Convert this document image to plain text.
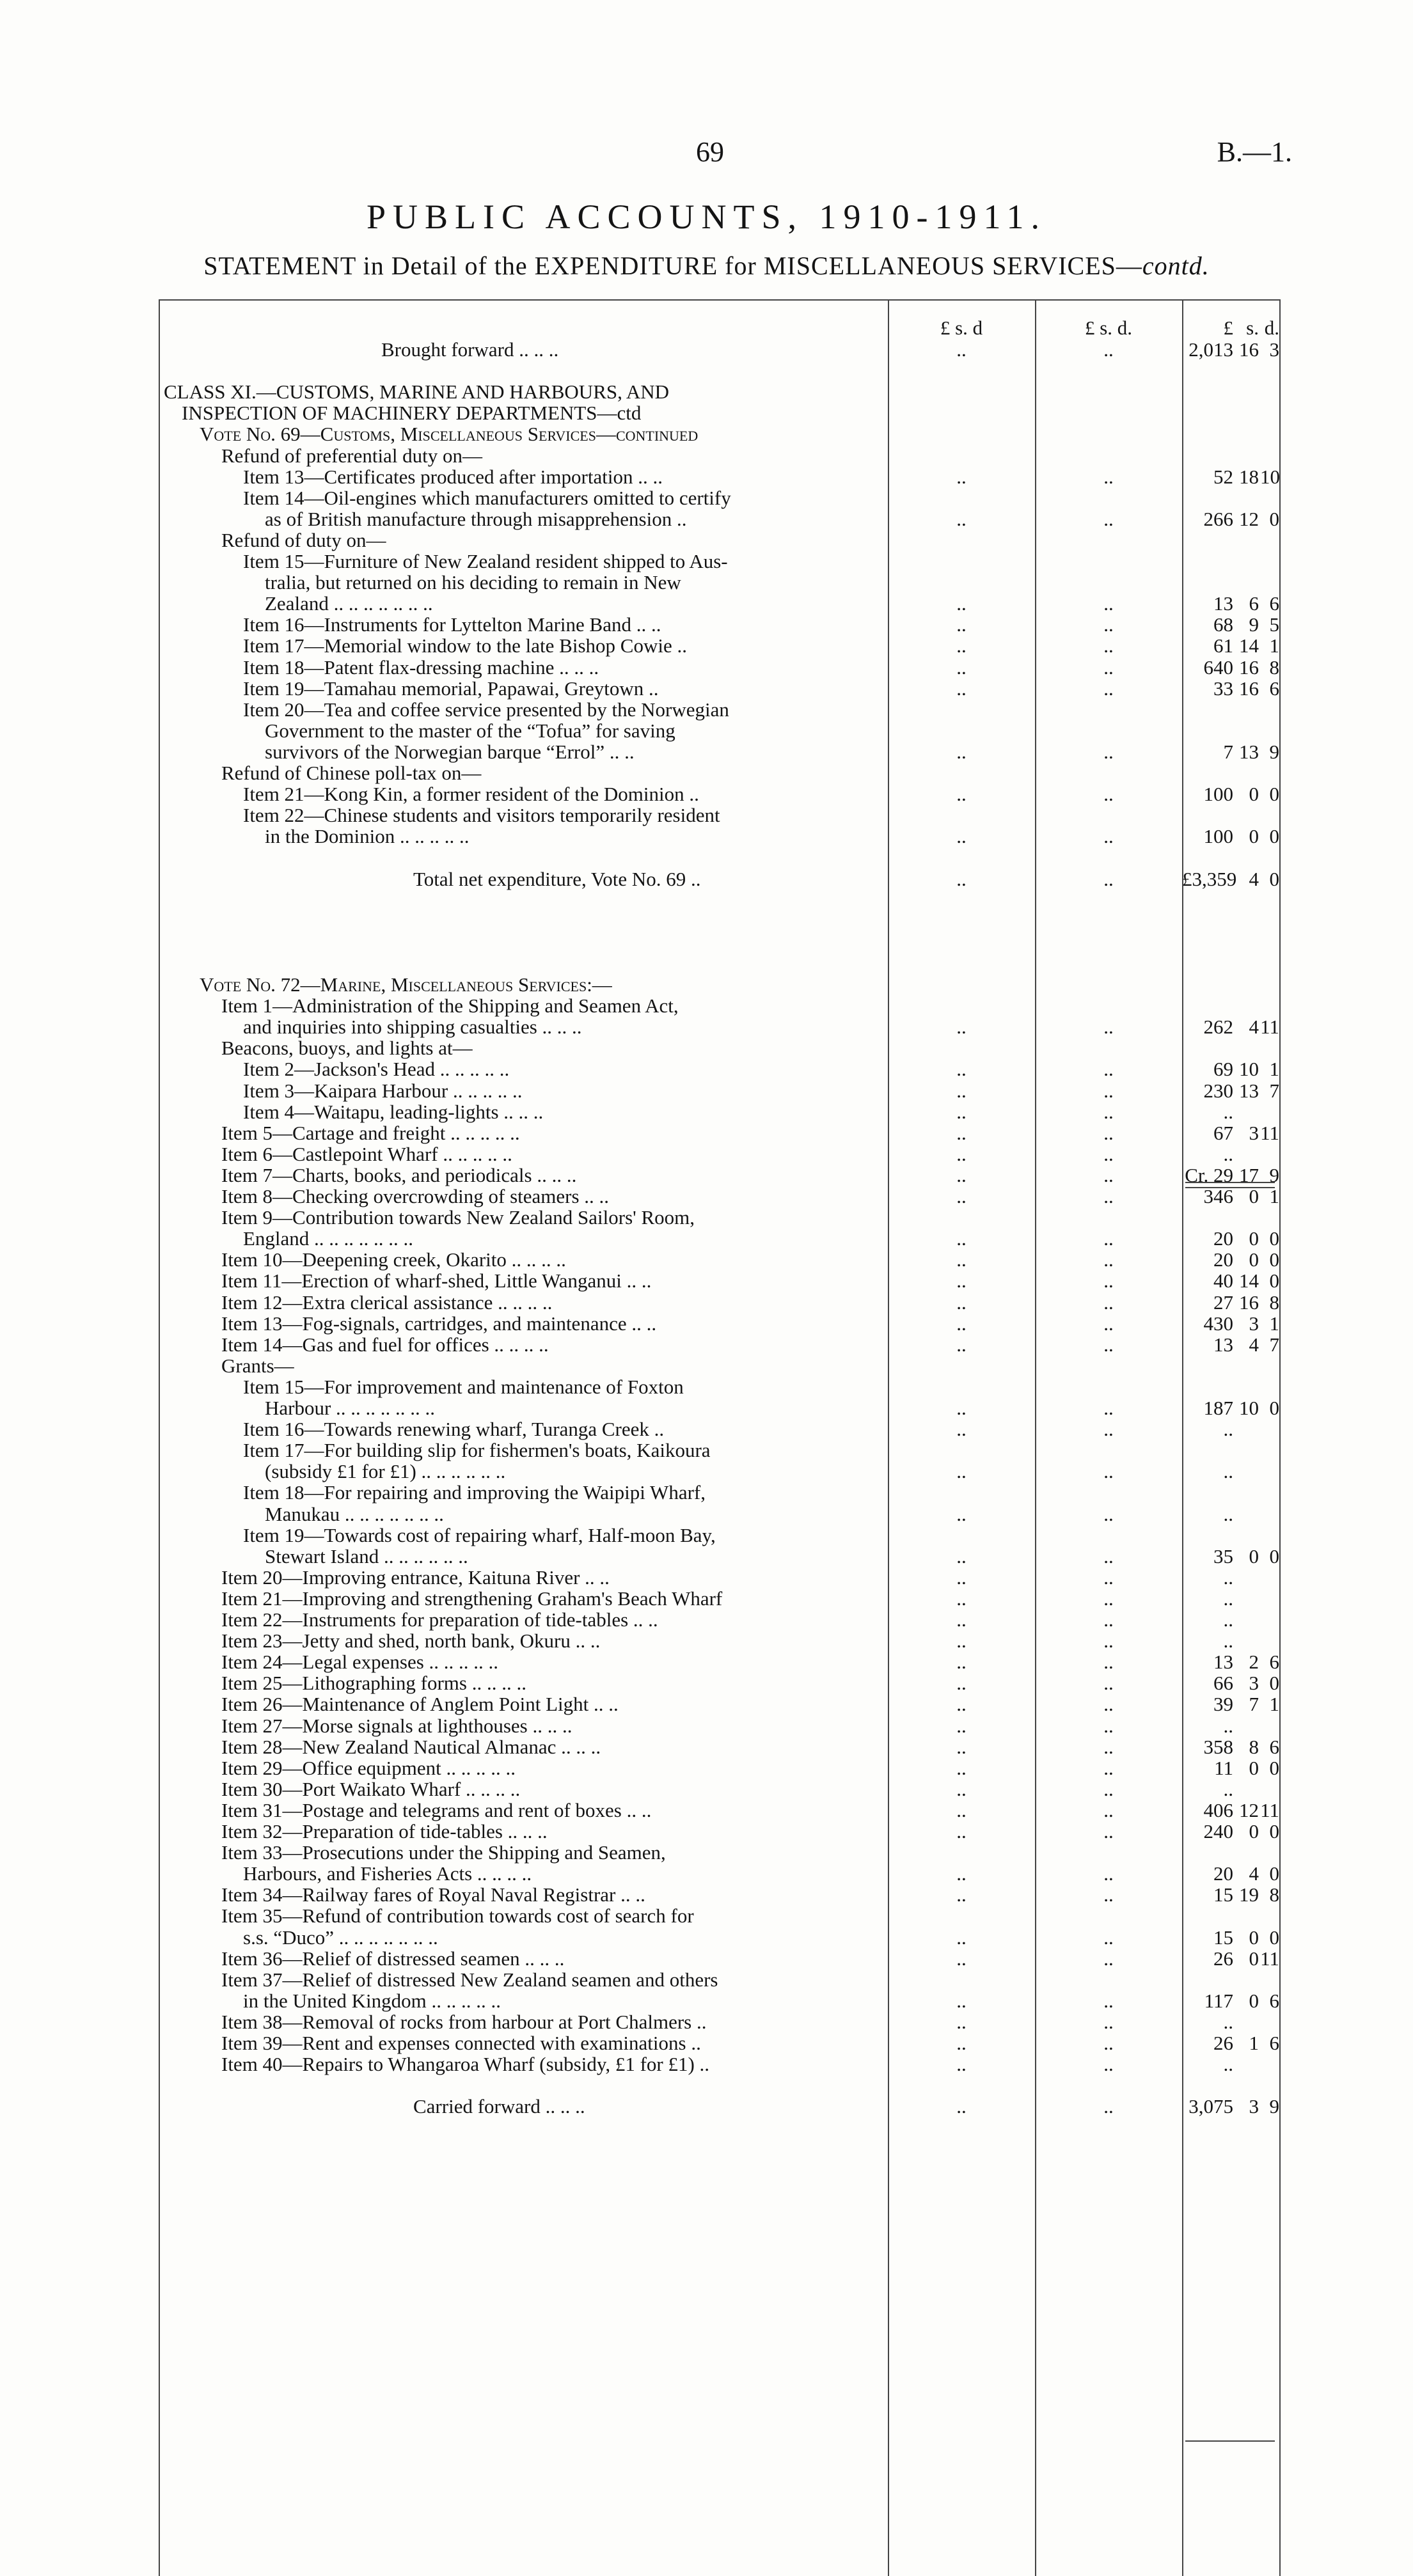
69	B.—1.
PUBLIC ACCOUNTS, 1910-1911.
STATEMENT in Detail of the EXPENDITURE for MISCELLANEOUS SERVICES—contd.
£ s. d	£ s. d.	£ s. d.
Brought forward .. .. ..	..	..	2,013 16 3
CLASS XI.—CUSTOMS, MARINE AND HARBOURS, AND
INSPECTION OF MACHINERY DEPARTMENTS—ctd
Vote No. 69—Customs, Miscellaneous Services—continued
Refund of preferential duty on—
Item 13—Certificates produced after importation .. ..	..	..	52 18 10
Item 14—Oil-engines which manufacturers omitted to certify
as of British manufacture through misapprehension ..	..	..	266 12 0
Refund of duty on—
Item 15—Furniture of New Zealand resident shipped to Aus-
tralia, but returned on his deciding to remain in New
Zealand .. .. .. .. .. .. ..	..	..	13 6 6
Item 16—Instruments for Lyttelton Marine Band .. ..	..	..	68 9 5
Item 17—Memorial window to the late Bishop Cowie ..	..	..	61 14 1
Item 18—Patent flax-dressing machine .. .. ..	..	..	640 16 8
Item 19—Tamahau memorial, Papawai, Greytown ..	..	..	33 16 6
Item 20—Tea and coffee service presented by the Norwegian
Government to the master of the “Tofua” for saving
survivors of the Norwegian barque “Errol” .. ..	..	..	7 13 9
Refund of Chinese poll-tax on—
Item 21—Kong Kin, a former resident of the Dominion ..	..	..	100 0 0
Item 22—Chinese students and visitors temporarily resident
in the Dominion .. .. .. .. ..	..	..	100 0 0
Total net expenditure, Vote No. 69 ..	..	..	£3,359 4 0
Vote No. 72—Marine, Miscellaneous Services:—
Item 1—Administration of the Shipping and Seamen Act,
and inquiries into shipping casualties .. .. ..	..	..	262 4 11
Beacons, buoys, and lights at—
Item 2—Jackson's Head .. .. .. .. ..	..	..	69 10 1
Item 3—Kaipara Harbour .. .. .. .. ..	..	..	230 13 7
Item 4—Waitapu, leading-lights .. .. ..	..	..	..
Item 5—Cartage and freight .. .. .. .. ..	..	..	67 3 11
Item 6—Castlepoint Wharf .. .. .. .. ..	..	..	..
Item 7—Charts, books, and periodicals .. .. ..	..	..	Cr. 29 17 9
Item 8—Checking overcrowding of steamers .. ..	..	..	346 0 1
Item 9—Contribution towards New Zealand Sailors' Room,
England .. .. .. .. .. .. ..	..	..	20 0 0
Item 10—Deepening creek, Okarito .. .. .. ..	..	..	20 0 0
Item 11—Erection of wharf-shed, Little Wanganui .. ..	..	..	40 14 0
Item 12—Extra clerical assistance .. .. .. ..	..	..	27 16 8
Item 13—Fog-signals, cartridges, and maintenance .. ..	..	..	430 3 1
Item 14—Gas and fuel for offices .. .. .. ..	..	..	13 4 7
Grants—
Item 15—For improvement and maintenance of Foxton
Harbour .. .. .. .. .. .. ..	..	..	187 10 0
Item 16—Towards renewing wharf, Turanga Creek ..	..	..	..
Item 17—For building slip for fishermen's boats, Kaikoura
(subsidy £1 for £1) .. .. .. .. .. ..	..	..	..
Item 18—For repairing and improving the Waipipi Wharf,
Manukau .. .. .. .. .. .. ..	..	..	..
Item 19—Towards cost of repairing wharf, Half-moon Bay,
Stewart Island .. .. .. .. .. ..	..	..	35 0 0
Item 20—Improving entrance, Kaituna River .. ..	..	..	..
Item 21—Improving and strengthening Graham's Beach Wharf	..	..	..
Item 22—Instruments for preparation of tide-tables .. ..	..	..	..
Item 23—Jetty and shed, north bank, Okuru .. ..	..	..	..
Item 24—Legal expenses .. .. .. .. ..	..	..	13 2 6
Item 25—Lithographing forms .. .. .. ..	..	..	66 3 0
Item 26—Maintenance of Anglem Point Light .. ..	..	..	39 7 1
Item 27—Morse signals at lighthouses .. .. ..	..	..	..
Item 28—New Zealand Nautical Almanac .. .. ..	..	..	358 8 6
Item 29—Office equipment .. .. .. .. ..	..	..	11 0 0
Item 30—Port Waikato Wharf .. .. .. ..	..	..	..
Item 31—Postage and telegrams and rent of boxes .. ..	..	..	406 12 11
Item 32—Preparation of tide-tables .. .. ..	..	..	240 0 0
Item 33—Prosecutions under the Shipping and Seamen,
Harbours, and Fisheries Acts .. .. .. ..	..	..	20 4 0
Item 34—Railway fares of Royal Naval Registrar .. ..	..	..	15 19 8
Item 35—Refund of contribution towards cost of search for
s.s. “Duco” .. .. .. .. .. .. ..	..	..	15 0 0
Item 36—Relief of distressed seamen .. .. ..	..	..	26 0 11
Item 37—Relief of distressed New Zealand seamen and others
in the United Kingdom .. .. .. .. ..	..	..	117 0 6
Item 38—Removal of rocks from harbour at Port Chalmers ..	..	..	..
Item 39—Rent and expenses connected with examinations ..	..	..	26 1 6
Item 40—Repairs to Whangaroa Wharf (subsidy, £1 for £1) ..	..	..	..
Carried forward .. .. ..	..	..	3,075 3 9
